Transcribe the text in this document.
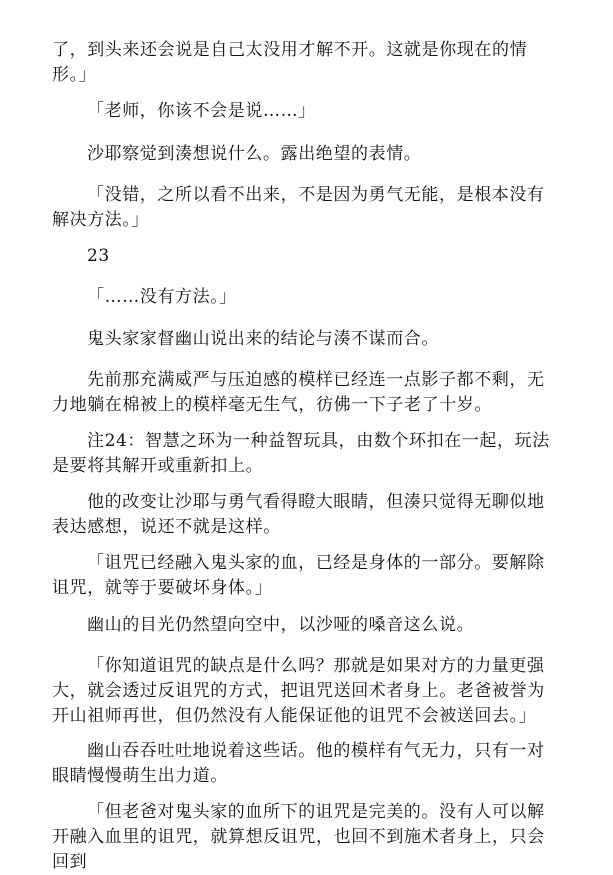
了，到头来还会说是自己太没用才解不开。这就是你现在的情形。」

「老师，你该不会是说……」

沙耶察觉到湊想说什么。露出绝望的表情。

「没错，之所以看不出来，不是因为勇气无能，是根本没有解决方法。」

23

「……没有方法。」

鬼头家家督幽山说出来的结论与湊不谋而合。

先前那充满威严与压迫感的模样已经连一点影子都不剩，无力地躺在棉被上的模样毫无生气，彷佛一下子老了十岁。

注24：智慧之环为一种益智玩具，由数个环扣在一起，玩法是要将其解开或重新扣上。

他的改变让沙耶与勇气看得瞪大眼睛，但湊只觉得无聊似地表达感想，说还不就是这样。

「诅咒已经融入鬼头家的血，已经是身体的一部分。要解除诅咒，就等于要破坏身体。」

幽山的目光仍然望向空中，以沙哑的嗓音这么说。

「你知道诅咒的缺点是什么吗？那就是如果对方的力量更强大，就会透过反诅咒的方式，把诅咒送回术者身上。老爸被誉为开山祖师再世，但仍然没有人能保证他的诅咒不会被送回去。」

幽山吞吞吐吐地说着这些话。他的模样有气无力，只有一对眼睛慢慢萌生出力道。

「但老爸对鬼头家的血所下的诅咒是完美的。没有人可以解开融入血里的诅咒，就算想反诅咒，也回不到施术者身上，只会回到
